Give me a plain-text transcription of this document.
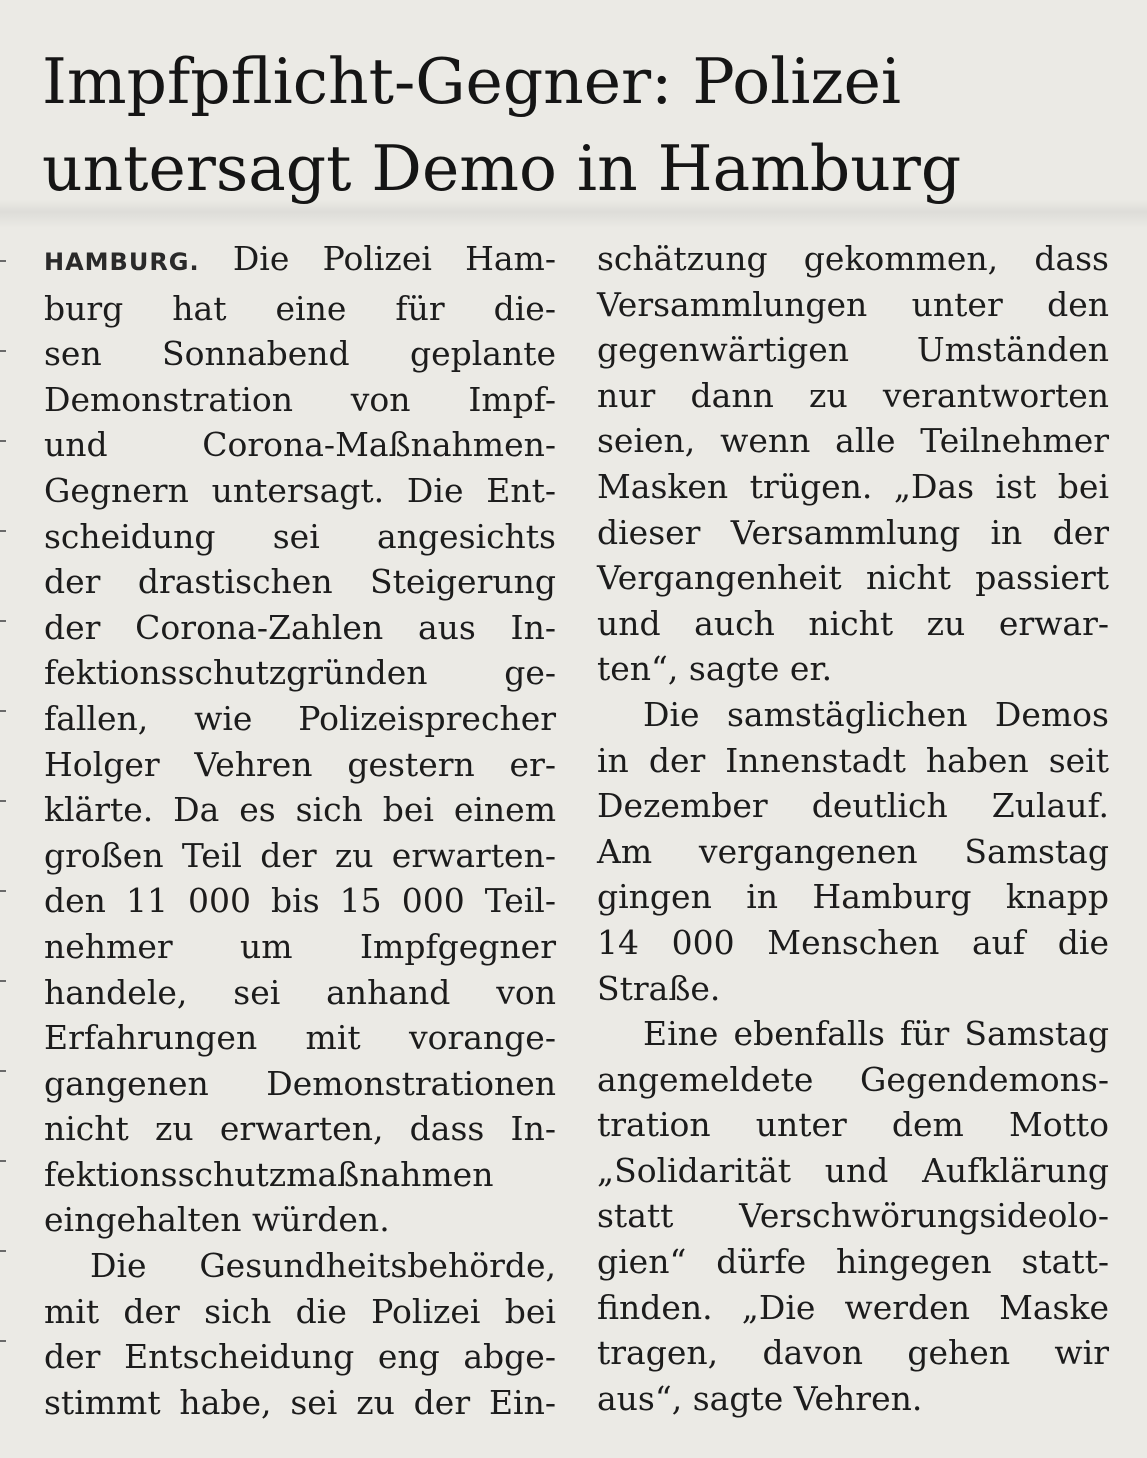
Impfpflicht-Gegner: Polizei
untersagt Demo in Hamburg
HAMBURG. Die Polizei Ham-
burg hat eine für die-
sen Sonnabend geplante
Demonstration von Impf-
und Corona-Maßnahmen-
Gegnern untersagt. Die Ent-
scheidung sei angesichts
der drastischen Steigerung
der Corona-Zahlen aus In-
fektionsschutzgründen ge-
fallen, wie Polizeisprecher
Holger Vehren gestern er-
klärte. Da es sich bei einem
großen Teil der zu erwarten-
den 11 000 bis 15 000 Teil-
nehmer um Impfgegner
handele, sei anhand von
Erfahrungen mit vorange-
gangenen Demonstrationen
nicht zu erwarten, dass In-
fektionsschutzmaßnahmen
eingehalten würden.
Die Gesundheitsbehörde,
mit der sich die Polizei bei
der Entscheidung eng abge-
stimmt habe, sei zu der Ein-
schätzung gekommen, dass
Versammlungen unter den
gegenwärtigen Umständen
nur dann zu verantworten
seien, wenn alle Teilnehmer
Masken trügen. „Das ist bei
dieser Versammlung in der
Vergangenheit nicht passiert
und auch nicht zu erwar-
ten“, sagte er.
Die samstäglichen Demos
in der Innenstadt haben seit
Dezember deutlich Zulauf.
Am vergangenen Samstag
gingen in Hamburg knapp
14 000 Menschen auf die
Straße.
Eine ebenfalls für Samstag
angemeldete Gegendemons-
tration unter dem Motto
„Solidarität und Aufklärung
statt Verschwörungsideolo-
gien“ dürfe hingegen statt-
finden. „Die werden Maske
tragen, davon gehen wir
aus“, sagte Vehren.
